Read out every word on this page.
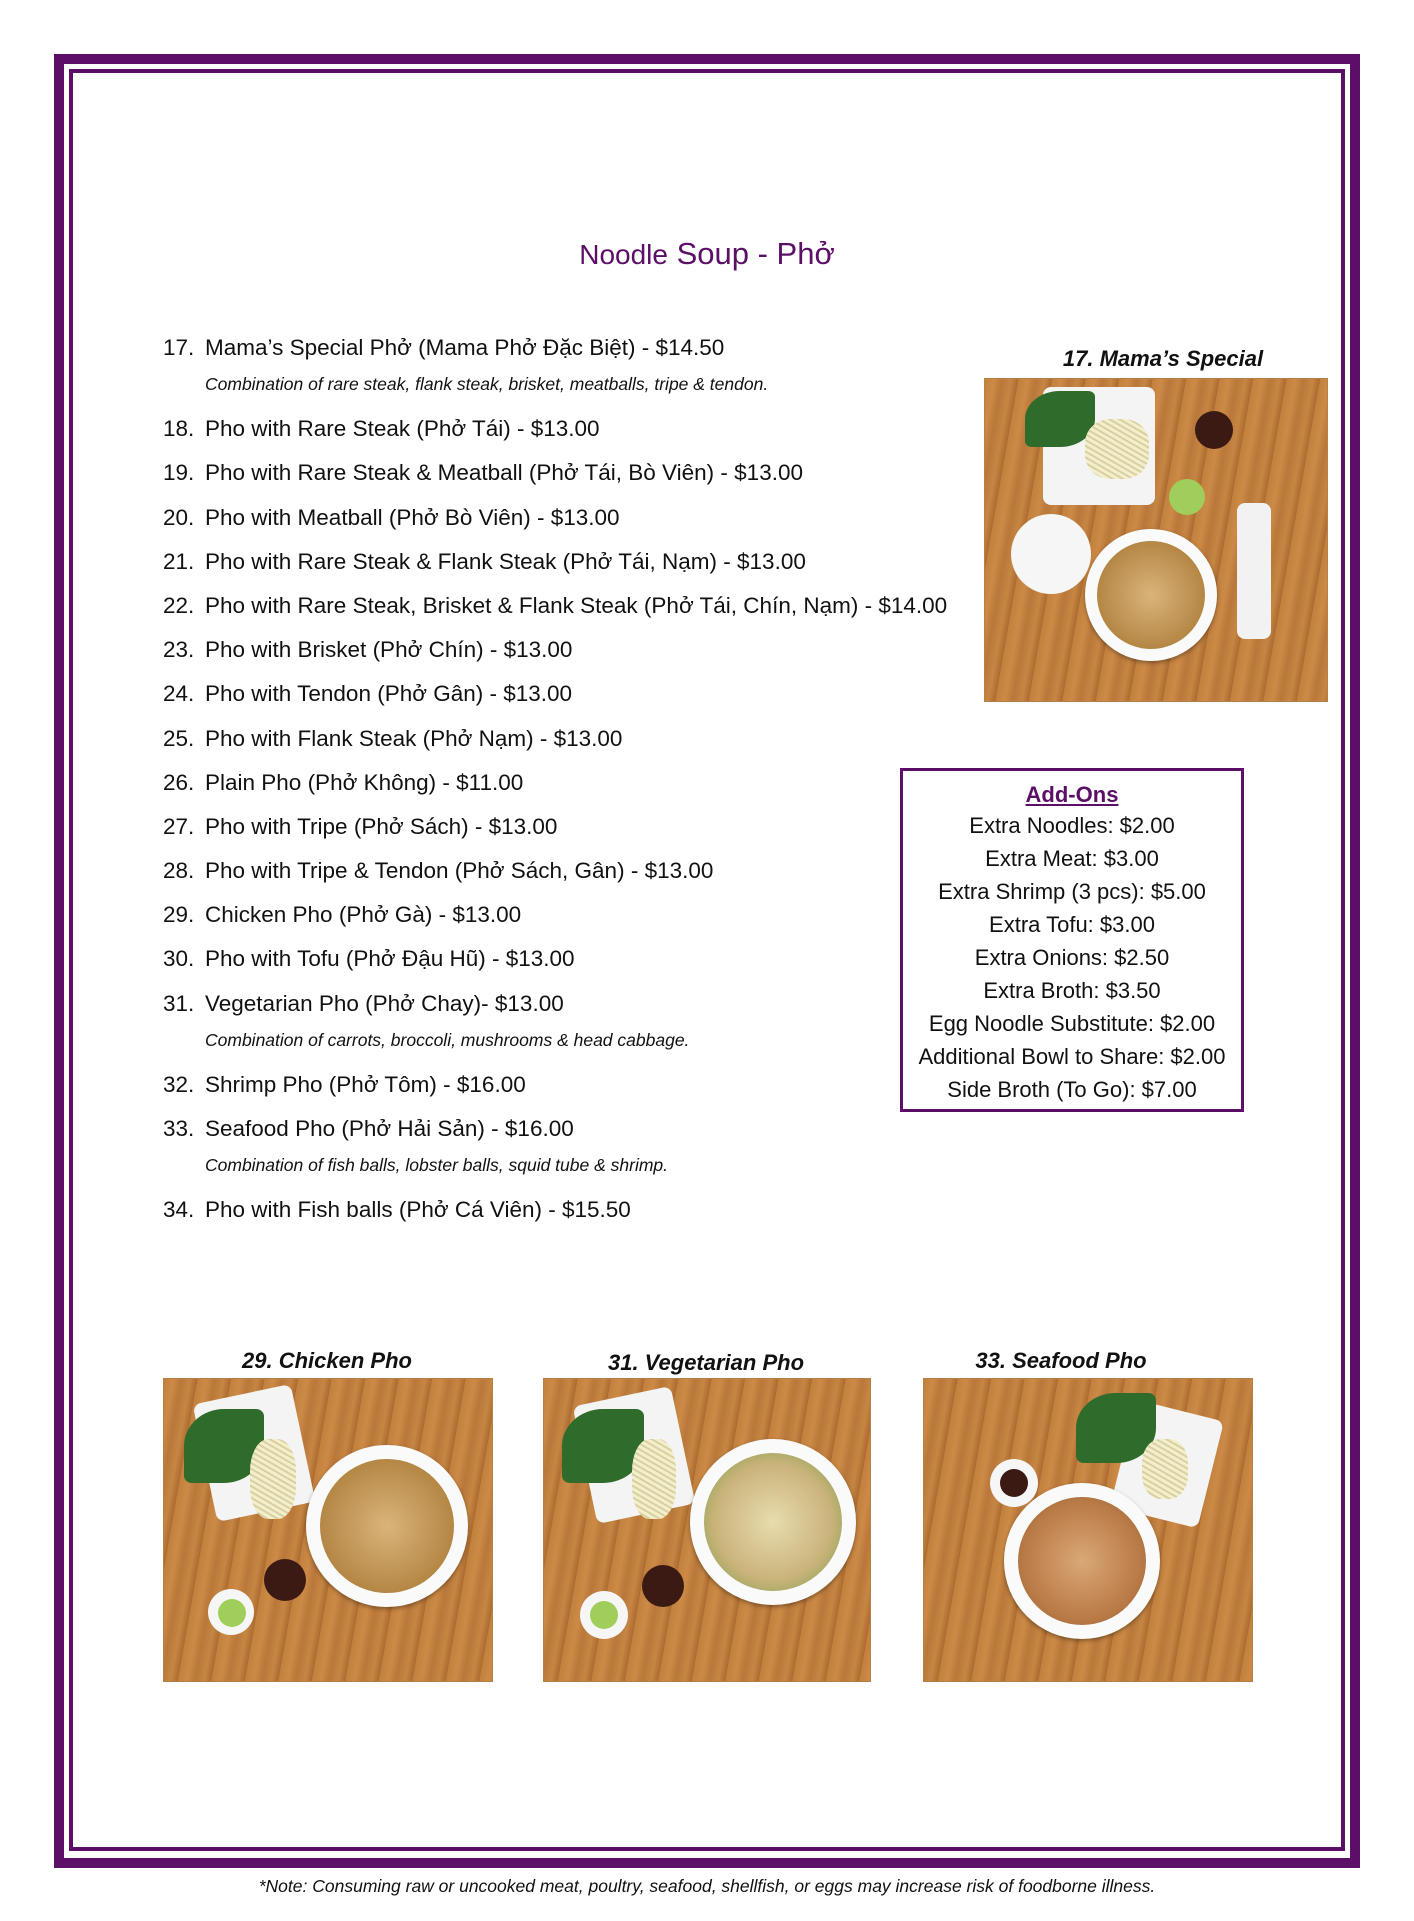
Noodle Soup - Phở
17. Mama’s Special Phở (Mama Phở Đặc Biệt) - $14.50
Combination of rare steak, flank steak, brisket, meatballs, tripe & tendon.
18. Pho with Rare Steak (Phở Tái) - $13.00
19. Pho with Rare Steak & Meatball (Phở Tái, Bò Viên) - $13.00
20. Pho with Meatball (Phở Bò Viên) - $13.00
21. Pho with Rare Steak & Flank Steak (Phở Tái, Nạm) - $13.00
22. Pho with Rare Steak, Brisket & Flank Steak (Phở Tái, Chín, Nạm) - $14.00
23. Pho with Brisket (Phở Chín) - $13.00
24. Pho with Tendon (Phở Gân) - $13.00
25. Pho with Flank Steak (Phở Nạm) - $13.00
26. Plain Pho (Phở Không) - $11.00
27. Pho with Tripe (Phở Sách) - $13.00
28. Pho with Tripe & Tendon (Phở Sách, Gân) - $13.00
29. Chicken Pho (Phở Gà) - $13.00
30. Pho with Tofu (Phở Đậu Hũ) - $13.00
31. Vegetarian Pho (Phở Chay)- $13.00
Combination of carrots, broccoli, mushrooms & head cabbage.
32. Shrimp Pho (Phở Tôm) - $16.00
33. Seafood Pho (Phở Hải Sản) - $16.00
Combination of fish balls, lobster balls, squid tube & shrimp.
34. Pho with Fish balls (Phở Cá Viên) - $15.50
17. Mama’s Special
Add-Ons
Extra Noodles: $2.00
Extra Meat: $3.00
Extra Shrimp (3 pcs): $5.00
Extra Tofu: $3.00
Extra Onions: $2.50
Extra Broth: $3.50
Egg Noodle Substitute: $2.00
Additional Bowl to Share: $2.00
Side Broth (To Go): $7.00
29. Chicken Pho	31. Vegetarian Pho	33. Seafood Pho
*Note: Consuming raw or uncooked meat, poultry, seafood, shellfish, or eggs may increase risk of foodborne illness.
